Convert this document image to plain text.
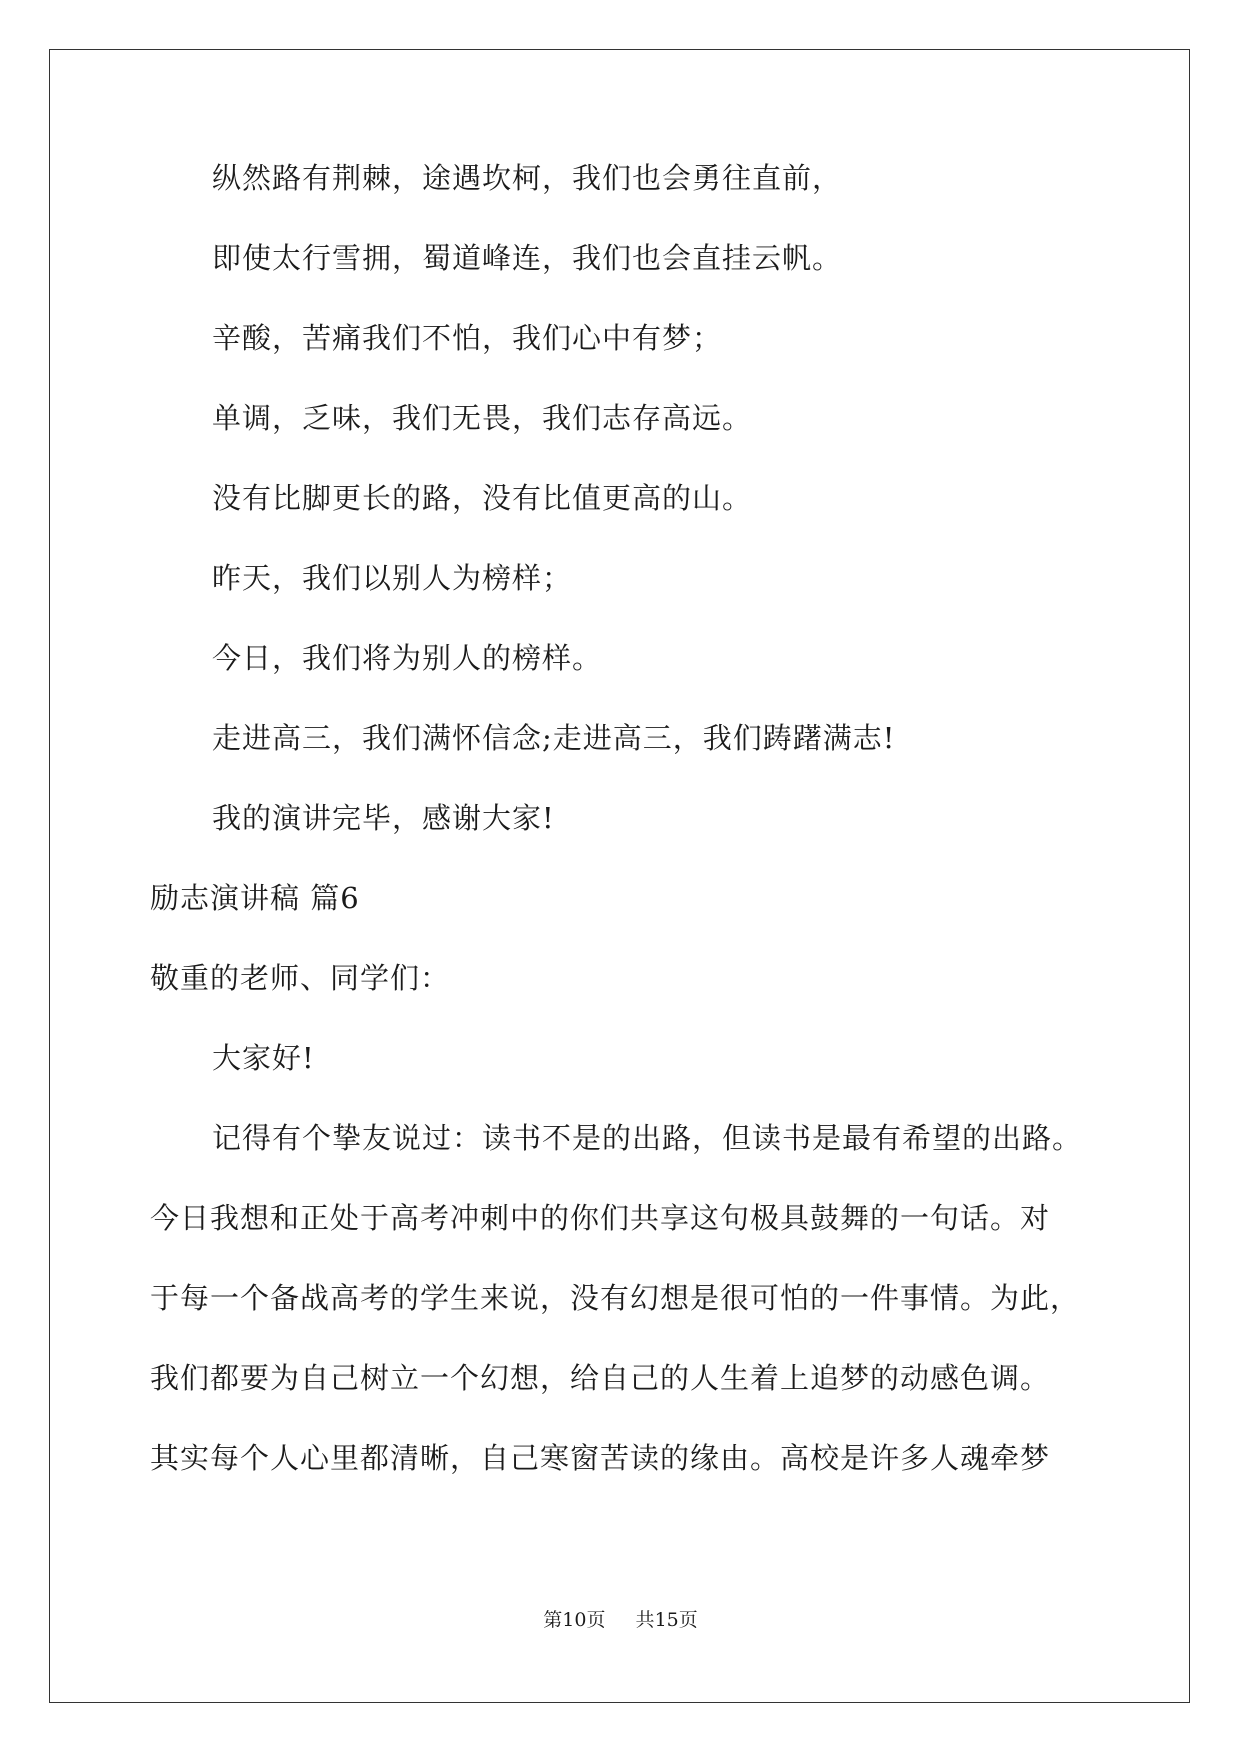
纵然路有荆棘，途遇坎柯，我们也会勇往直前，
即使太行雪拥，蜀道峰连，我们也会直挂云帆。
辛酸，苦痛我们不怕，我们心中有梦；
单调，乏味，我们无畏，我们志存高远。
没有比脚更长的路，没有比值更高的山。
昨天，我们以别人为榜样；
今日，我们将为别人的榜样。
走进高三，我们满怀信念;走进高三，我们踌躇满志!
我的演讲完毕，感谢大家!
励志演讲稿 篇6
敬重的老师、同学们：
大家好!
记得有个挚友说过：读书不是的出路，但读书是最有希望的出路。
今日我想和正处于高考冲刺中的你们共享这句极具鼓舞的一句话。对
于每一个备战高考的学生来说，没有幻想是很可怕的一件事情。为此，
我们都要为自己树立一个幻想，给自己的人生着上追梦的动感色调。
其实每个人心里都清晰，自己寒窗苦读的缘由。高校是许多人魂牵梦
第10页 共15页
